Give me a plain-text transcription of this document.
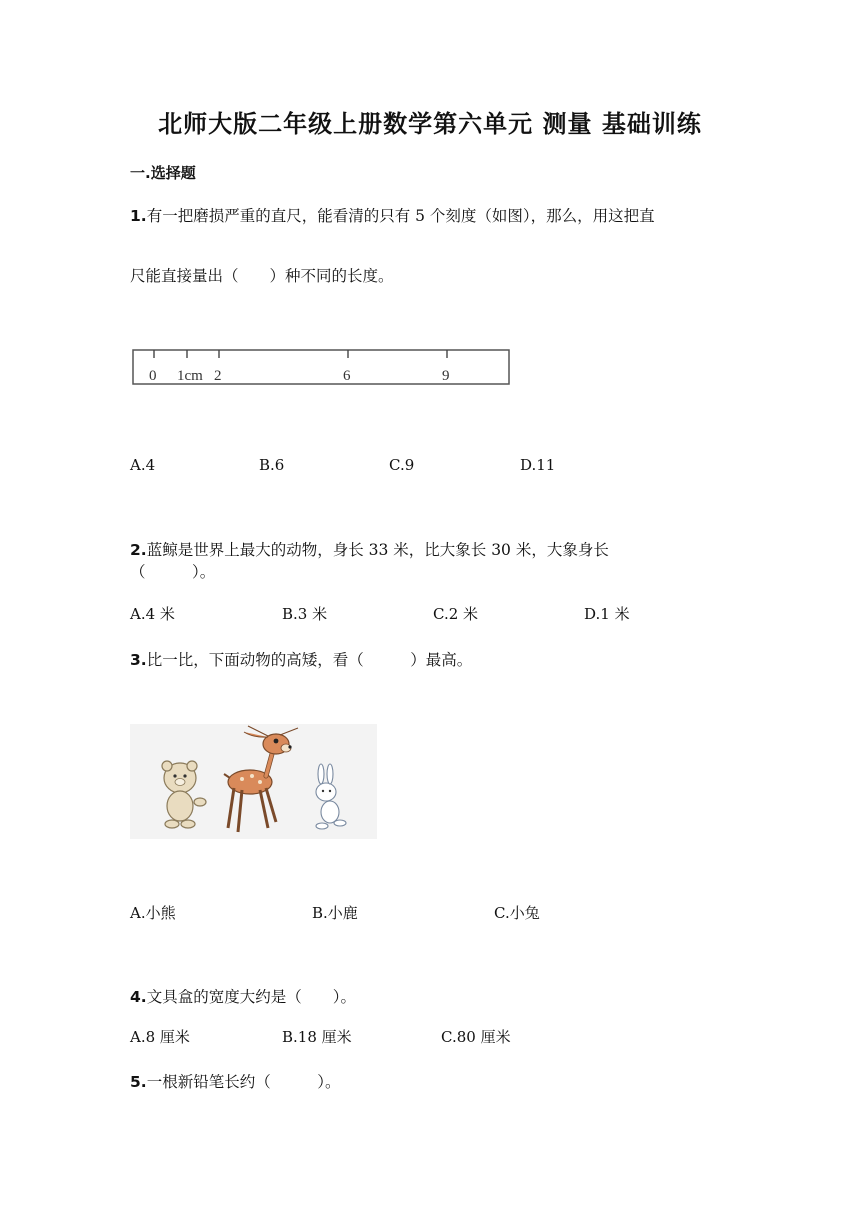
北师大版二年级上册数学第六单元 测量 基础训练
一.选择题
1.有一把磨损严重的直尺，能看清的只有 5 个刻度（如图），那么，用这把直
尺能直接量出（　　）种不同的长度。
0 1cm 2	6	9
A.4	B.6	C.9	D.11
2.蓝鲸是世界上最大的动物，身长 33 米，比大象长 30 米，大象身长
（　　　）。
A.4 米	B.3 米	C.2 米	D.1 米
3.比一比，下面动物的高矮，看（　　　）最高。
A.小熊	B.小鹿	C.小兔
4.文具盒的宽度大约是（　　）。
A.8 厘米	B.18 厘米	C.80 厘米
5.一根新铅笔长约（　　　）。
